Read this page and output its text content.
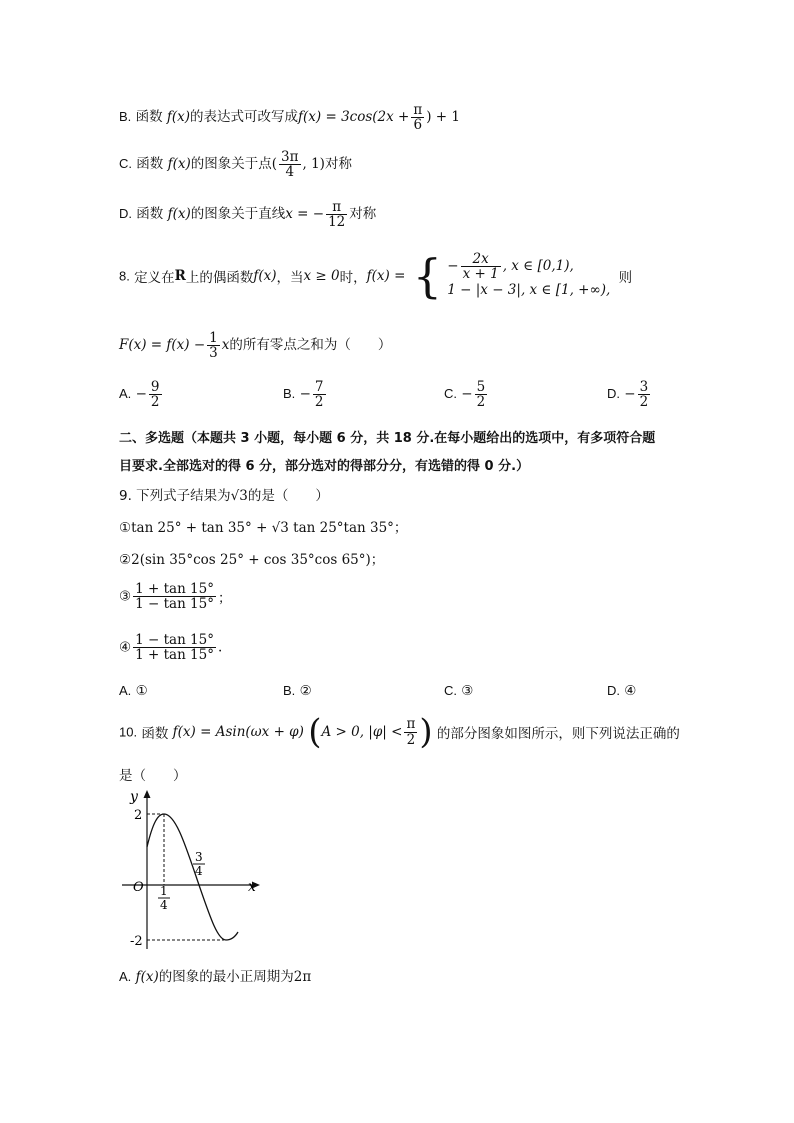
B. 函数 f(x)的表达式可改写成$f(x) = 3\cos(2x + \frac{\pi}{6}$ ) + 1
C. 函数 f(x)的图象关于点( $\frac{3\pi}{4}$ , 1)对称
D. 函数 f(x)的图象关于直线x = − $\frac{\pi}{12}$ 对称
8. 定义在R上的偶函数f(x)，当x ≥ 0时，f(x) = { − $\frac{2x}{x + 1}$ , x ∈ [0,1),
1 − |x − 3|, x ∈ [1, +∞),
则
$F(x) = f(x) - \frac{1}{3}$ x的所有零点之和为（　　）
A. − $\frac{9}{2}$	B. − $\frac{7}{2}$	C. − $\frac{5}{2}$	D. − $\frac{3}{2}$
二、多选题（本题共 3 小题，每小题 6 分，共 18 分.在每小题给出的选项中，有多项符合题
目要求.全部选对的得 6 分，部分选对的得部分分，有选错的得 0 分.）
9. 下列式子结果为√3的是（　　）
①tan 25° + tan 35° + √3 tan 25°tan 35°；
②2(sin 35°cos 25° + cos 35°cos 65°)；
③ $\frac{1 + \tan 15^\circ}{1 - \tan 15^\circ}$ ；
④ $\frac{1 - \tan 15^\circ}{1 + \tan 15^\circ}$ .
A. ①	B. ②	C. ③	D. ④
10. 函数 f(x) = Asin(ωx + φ) (A > 0, $|\varphi| < \frac{\pi}{2}$ ) 的部分图象如图所示，则下列说法正确的
是（　　）
y
x
O
2
-2
1
4
3
4
A. f(x)的图象的最小正周期为2π
